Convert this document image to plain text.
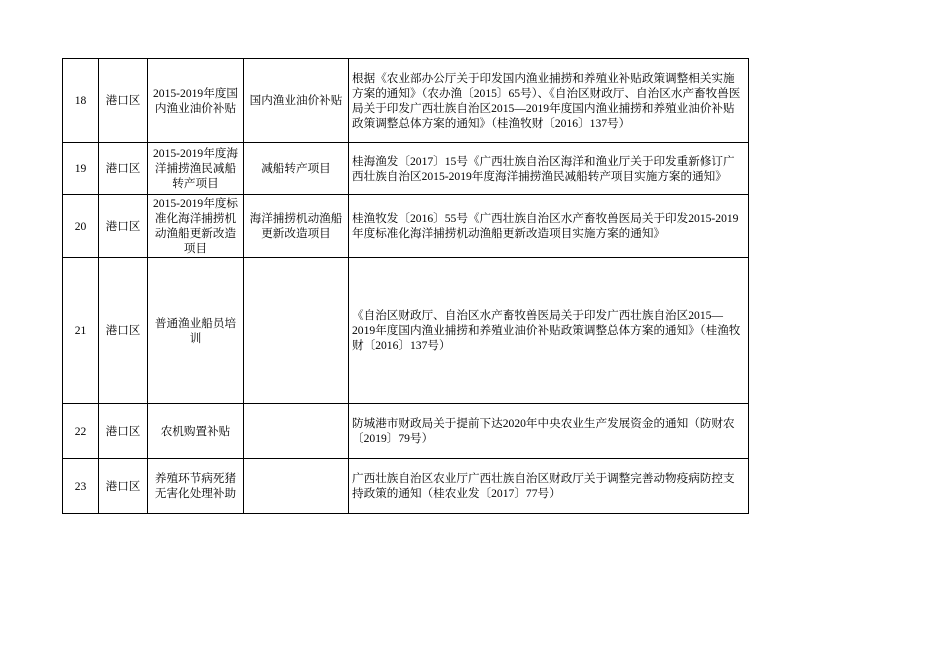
18	港口区	2015-2019年度国内渔业油价补贴	国内渔业油价补贴	根据《农业部办公厅关于印发国内渔业捕捞和养殖业补贴政策调整相关实施方案的通知》（农办渔〔2015〕65号）、《自治区财政厅、自治区水产畜牧兽医局关于印发广西壮族自治区2015—2019年度国内渔业捕捞和养殖业油价补贴政策调整总体方案的通知》（桂渔牧财〔2016〕137号）
19	港口区	2015-2019年度海洋捕捞渔民减船转产项目	减船转产项目	桂海渔发〔2017〕15号《广西壮族自治区海洋和渔业厅关于印发重新修订广西壮族自治区2015-2019年度海洋捕捞渔民减船转产项目实施方案的通知》
20	港口区	2015-2019年度标准化海洋捕捞机动渔船更新改造项目	海洋捕捞机动渔船更新改造项目	桂渔牧发〔2016〕55号《广西壮族自治区水产畜牧兽医局关于印发2015-2019年度标准化海洋捕捞机动渔船更新改造项目实施方案的通知》
21	港口区	普通渔业船员培训		《自治区财政厅、自治区水产畜牧兽医局关于印发广西壮族自治区2015—2019年度国内渔业捕捞和养殖业油价补贴政策调整总体方案的通知》（桂渔牧财〔2016〕137号）
22	港口区	农机购置补贴		防城港市财政局关于提前下达2020年中央农业生产发展资金的通知（防财农〔2019〕79号）
23	港口区	养殖环节病死猪无害化处理补助		广西壮族自治区农业厅广西壮族自治区财政厅关于调整完善动物疫病防控支持政策的通知（桂农业发〔2017〕77号）
